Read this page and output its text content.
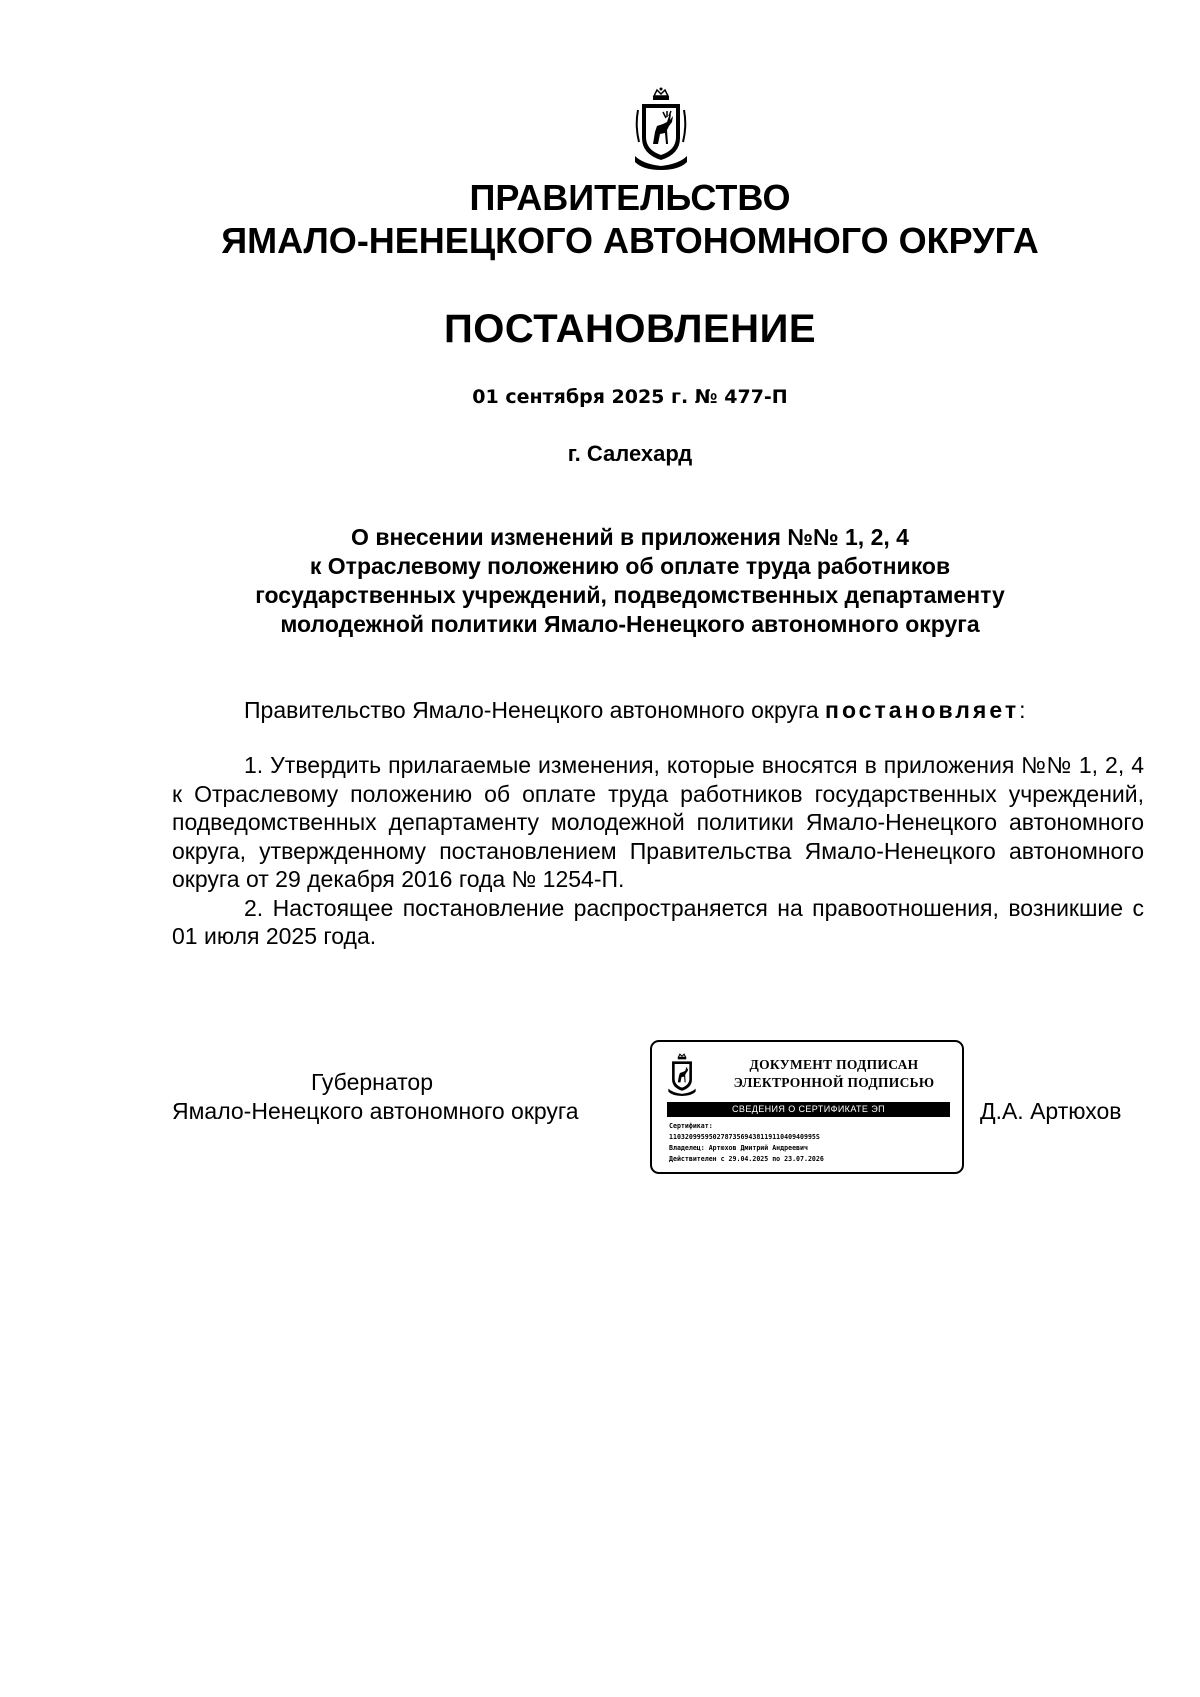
ПРАВИТЕЛЬСТВО
ЯМАЛО-НЕНЕЦКОГО АВТОНОМНОГО ОКРУГА
ПОСТАНОВЛЕНИЕ
01 сентября 2025 г. № 477-П
г. Салехард
О внесении изменений в приложения №№ 1, 2, 4
к Отраслевому положению об оплате труда работников
государственных учреждений, подведомственных департаменту
молодежной политики Ямало-Ненецкого автономного округа
Правительство Ямало-Ненецкого автономного округа постановляет:

1. Утвердить прилагаемые изменения, которые вносятся в приложения №№ 1, 2, 4 к Отраслевому положению об оплате труда работников государственных учреждений, подведомственных департаменту молодежной политики Ямало-Ненецкого автономного округа, утвержденному постановлением Правительства Ямало-Ненецкого автономного округа от 29 декабря 2016 года № 1254-П.

2. Настоящее постановление распространяется на правоотношения, возникшие с 01 июля 2025 года.

Губернатор
Ямало-Ненецкого автономного округа
ДОКУМЕНТ ПОДПИСАН
ЭЛЕКТРОННОЙ ПОДПИСЬЮ
СВЕДЕНИЯ О СЕРТИФИКАТЕ ЭП
Сертификат:
1103209959502787356943811911040940995S
Владелец: Артюхов Дмитрий Андреевич
Действителен с 29.04.2025 по 23.07.2026
Д.А. Артюхов
